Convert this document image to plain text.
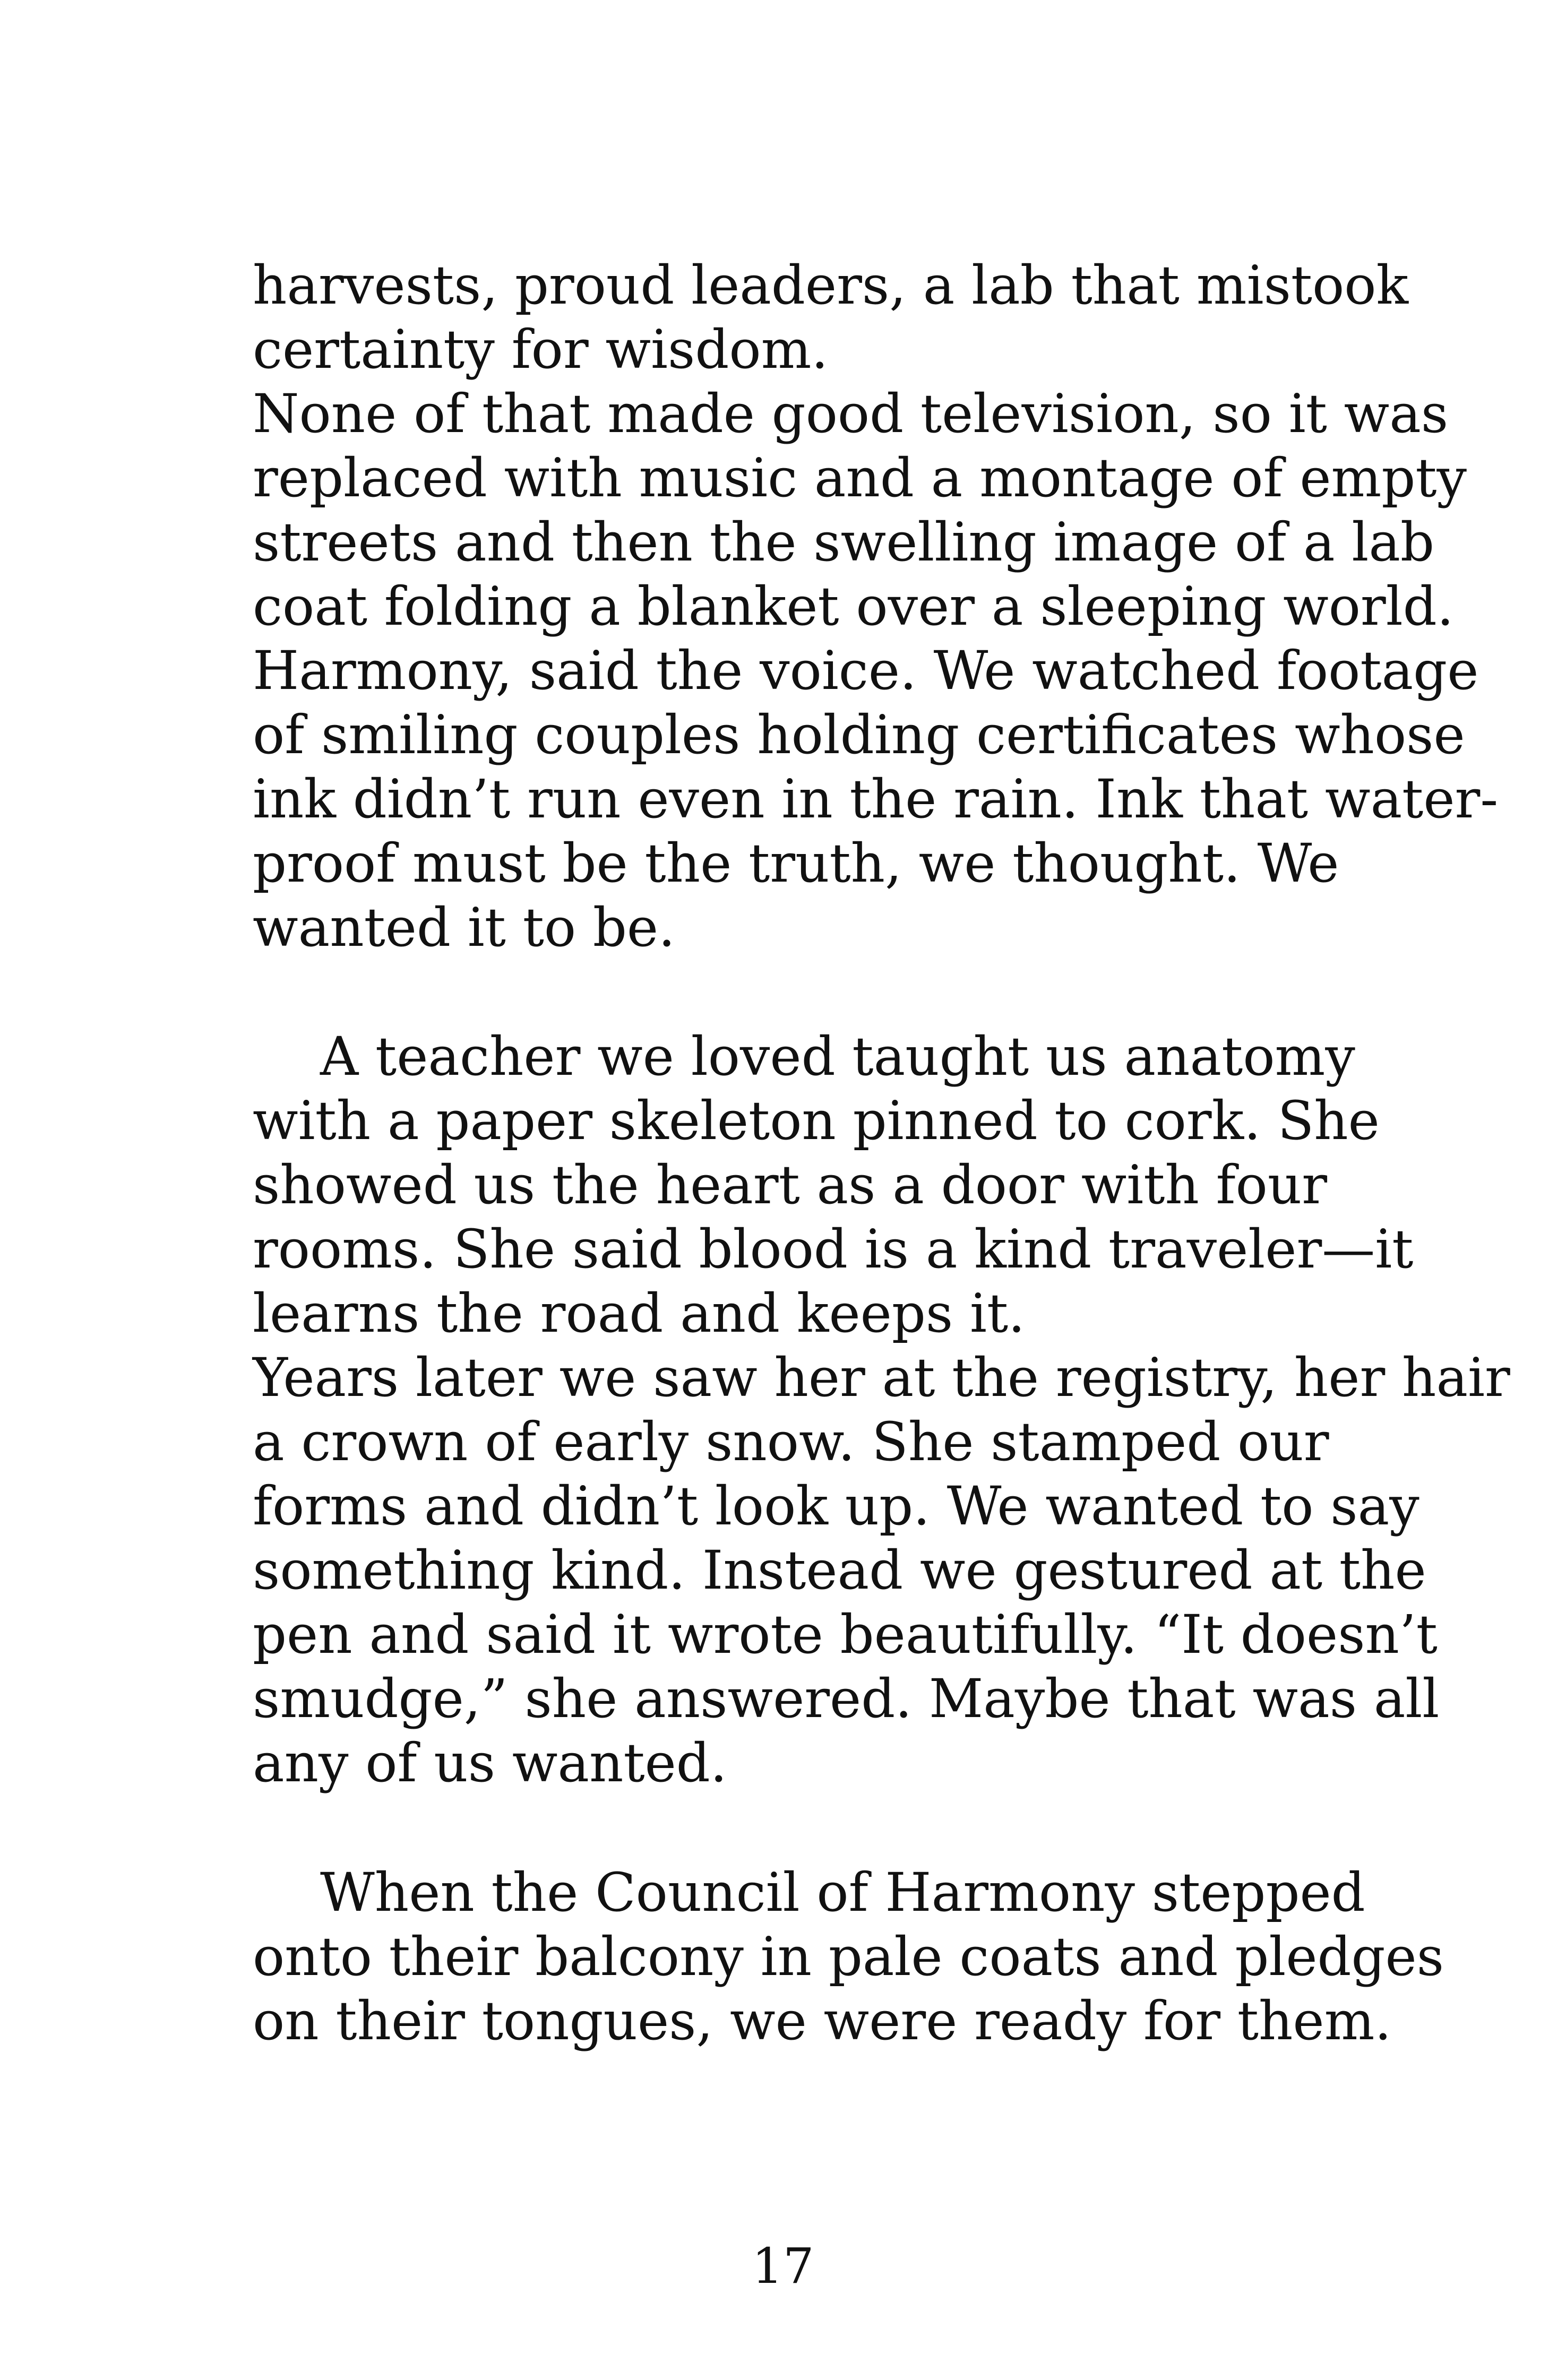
harvests, proud leaders, a lab that mistook
certainty for wisdom.
None of that made good television, so it was
replaced with music and a montage of empty
streets and then the swelling image of a lab
coat folding a blanket over a sleeping world.
Harmony, said the voice. We watched footage
of smiling couples holding certificates whose
ink didn’t run even in the rain. Ink that water-
proof must be the truth, we thought. We
wanted it to be.
A teacher we loved taught us anatomy
with a paper skeleton pinned to cork. She
showed us the heart as a door with four
rooms. She said blood is a kind traveler—it
learns the road and keeps it.
Years later we saw her at the registry, her hair
a crown of early snow. She stamped our
forms and didn’t look up. We wanted to say
something kind. Instead we gestured at the
pen and said it wrote beautifully. “It doesn’t
smudge,” she answered. Maybe that was all
any of us wanted.
When the Council of Harmony stepped
onto their balcony in pale coats and pledges
on their tongues, we were ready for them.
17
